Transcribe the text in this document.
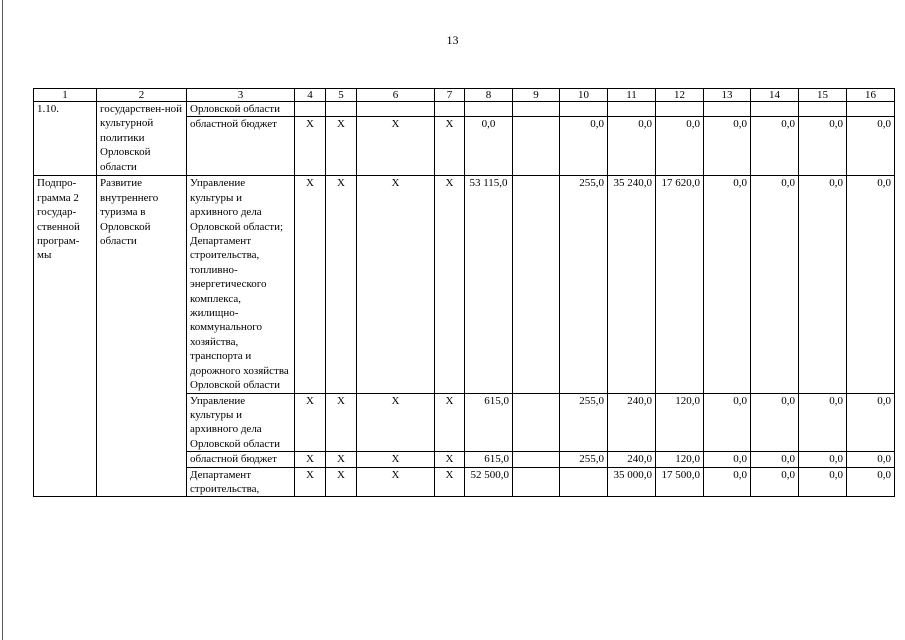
13
1	2	3	4	5	6	7	8	9	10	11	12	13	14	15	16
1.10.	государствен-ной культурной политики Орловской области	Орловской области													
		областной бюджет	X	X	X	X	0,0		0,0	0,0	0,0	0,0	0,0	0,0	0,0
Подпро-грамма 2 государ-ственной програм-мы	Развитие внутреннего туризма в Орловской области	Управление культуры и архивного дела Орловской области; Департамент строительства, топливно-энергетического комплекса, жилищно-коммунального хозяйства, транспорта и дорожного хозяйства Орловской области	X	X	X	X	53 115,0		255,0	35 240,0	17 620,0	0,0	0,0	0,0	0,0
		Управление культуры и архивного дела Орловской области	X	X	X	X	615,0		255,0	240,0	120,0	0,0	0,0	0,0	0,0
		областной бюджет	X	X	X	X	615,0		255,0	240,0	120,0	0,0	0,0	0,0	0,0
		Департамент строительства,	X	X	X	X	52 500,0			35 000,0	17 500,0	0,0	0,0	0,0	0,0
